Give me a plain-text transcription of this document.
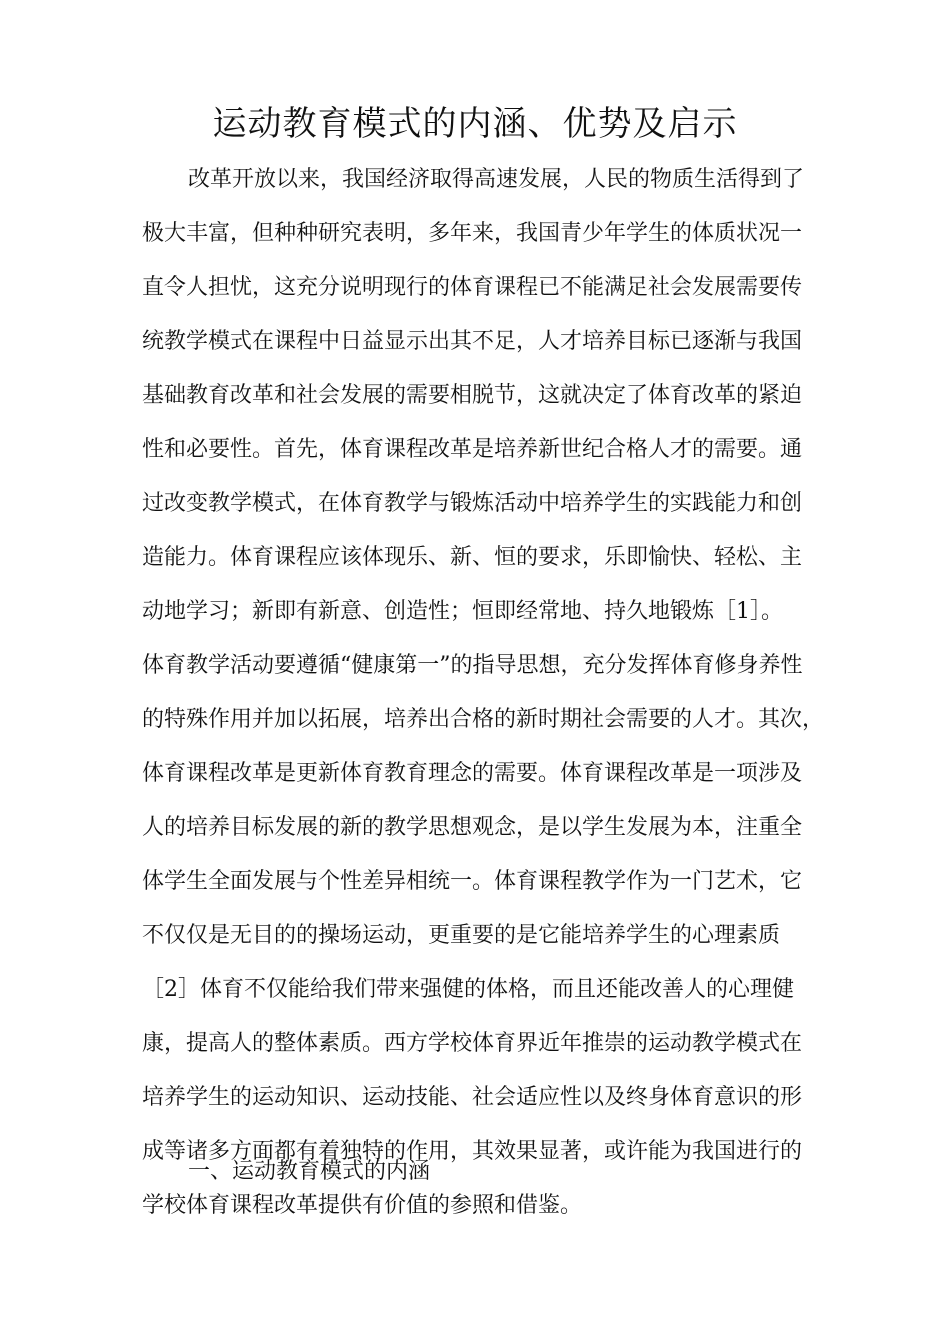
运动教育模式的内涵、优势及启示
改革开放以来，我国经济取得高速发展，人民的物质生活得到了
极大丰富，但种种研究表明，多年来，我国青少年学生的体质状况一
直令人担忧，这充分说明现行的体育课程已不能满足社会发展需要传
统教学模式在课程中日益显示出其不足，人才培养目标已逐渐与我国
基础教育改革和社会发展的需要相脱节，这就决定了体育改革的紧迫
性和必要性。首先，体育课程改革是培养新世纪合格人才的需要。通
过改变教学模式，在体育教学与锻炼活动中培养学生的实践能力和创
造能力。体育课程应该体现乐、新、恒的要求，乐即愉快、轻松、主
动地学习；新即有新意、创造性；恒即经常地、持久地锻炼［1］。
体育教学活动要遵循“健康第一”的指导思想，充分发挥体育修身养性
的特殊作用并加以拓展，培养出合格的新时期社会需要的人才。其次，
体育课程改革是更新体育教育理念的需要。体育课程改革是一项涉及
人的培养目标发展的新的教学思想观念，是以学生发展为本，注重全
体学生全面发展与个性差异相统一。体育课程教学作为一门艺术，它
不仅仅是无目的的操场运动，更重要的是它能培养学生的心理素质
［2］体育不仅能给我们带来强健的体格，而且还能改善人的心理健
康，提高人的整体素质。西方学校体育界近年推崇的运动教学模式在
培养学生的运动知识、运动技能、社会适应性以及终身体育意识的形
成等诸多方面都有着独特的作用，其效果显著，或许能为我国进行的
学校体育课程改革提供有价值的参照和借鉴。
一、运动教育模式的内涵
